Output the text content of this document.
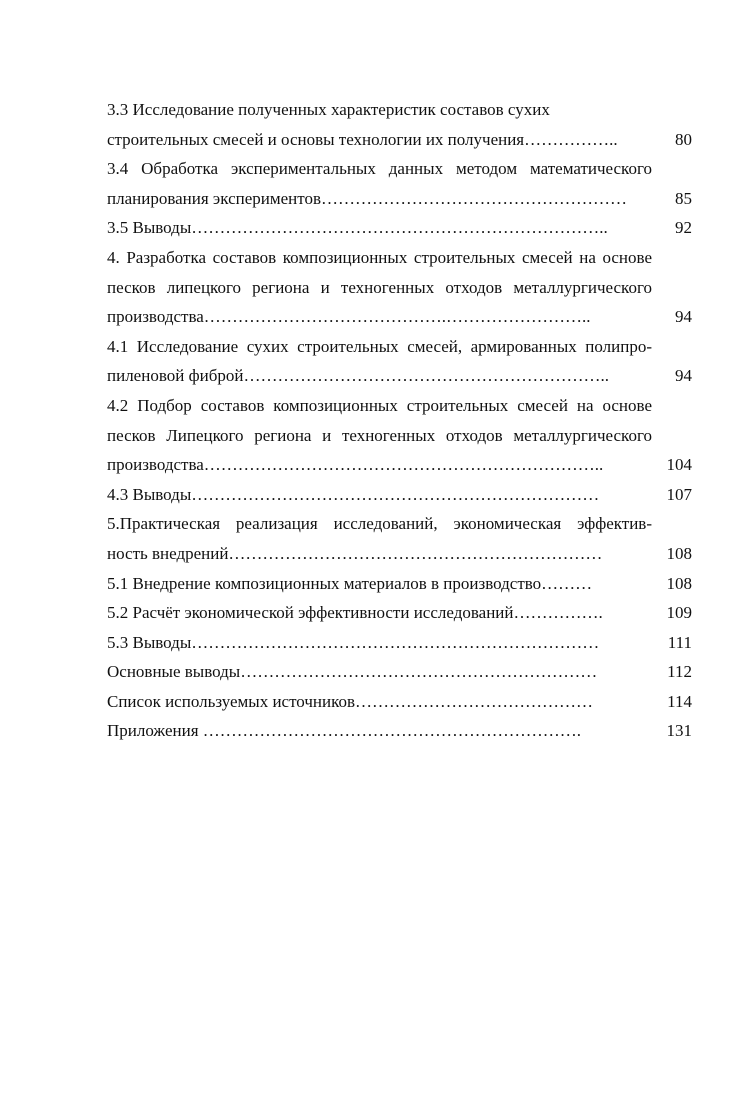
3.3 Исследование полученных характеристик составов сухих
строительных смесей и основы технологии их получения……………..	80
3.4 Обработка экспериментальных данных методом математического
планирования экспериментов………………………………………………	85
3.5 Выводы………………………………………………………………..	92
4. Разработка составов композиционных строительных смесей на основе
песков липецкого региона и техногенных отходов металлургического
производства…………………………………….……………………..	94
4.1 Исследование сухих строительных смесей, армированных полипро-
пиленовой фиброй………………………………………………………..	94
4.2 Подбор составов композиционных строительных смесей на основе
песков Липецкого региона и техногенных отходов металлургического
производства……………………………………………………………..	104
4.3 Выводы………………………………………………………………	107
5.Практическая реализация исследований, экономическая эффектив-
ность внедрений…………………………………………………………	108
5.1 Внедрение композиционных материалов в производство………	108
5.2 Расчёт экономической эффективности исследований…………….	109
5.3 Выводы………………………………………………………………	111
Основные выводы………………………………………………………	112
Список используемых источников……………………………………	114
Приложения ………………………………………………………….	131
